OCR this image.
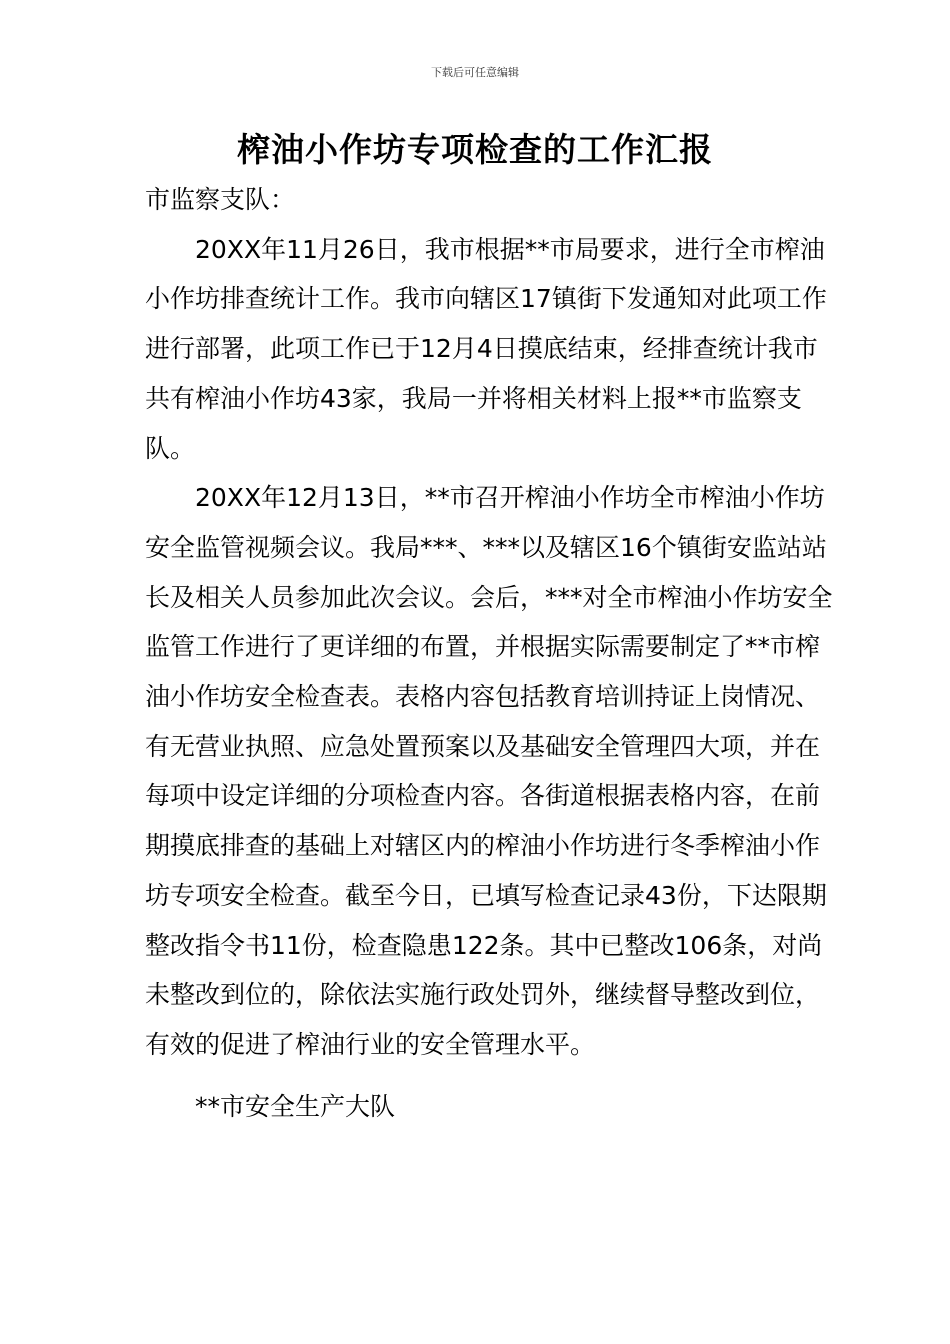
下载后可任意编辑
榨油小作坊专项检查的工作汇报

市监察支队：

20XX年11月26日，我市根据**市局要求，进行全市榨油小作坊排查统计工作。我市向辖区17镇街下发通知对此项工作进行部署，此项工作已于12月4日摸底结束，经排查统计我市共有榨油小作坊43家，我局一并将相关材料上报**市监察支队。

20XX年12月13日，**市召开榨油小作坊全市榨油小作坊安全监管视频会议。我局***、***以及辖区16个镇街安监站站长及相关人员参加此次会议。会后，***对全市榨油小作坊安全监管工作进行了更详细的布置，并根据实际需要制定了**市榨油小作坊安全检查表。表格内容包括教育培训持证上岗情况、有无营业执照、应急处置预案以及基础安全管理四大项，并在每项中设定详细的分项检查内容。各街道根据表格内容，在前期摸底排查的基础上对辖区内的榨油小作坊进行冬季榨油小作坊专项安全检查。截至今日，已填写检查记录43份，下达限期整改指令书11份，检查隐患122条。其中已整改106条，对尚未整改到位的，除依法实施行政处罚外，继续督导整改到位，有效的促进了榨油行业的安全管理水平。

**市安全生产大队
